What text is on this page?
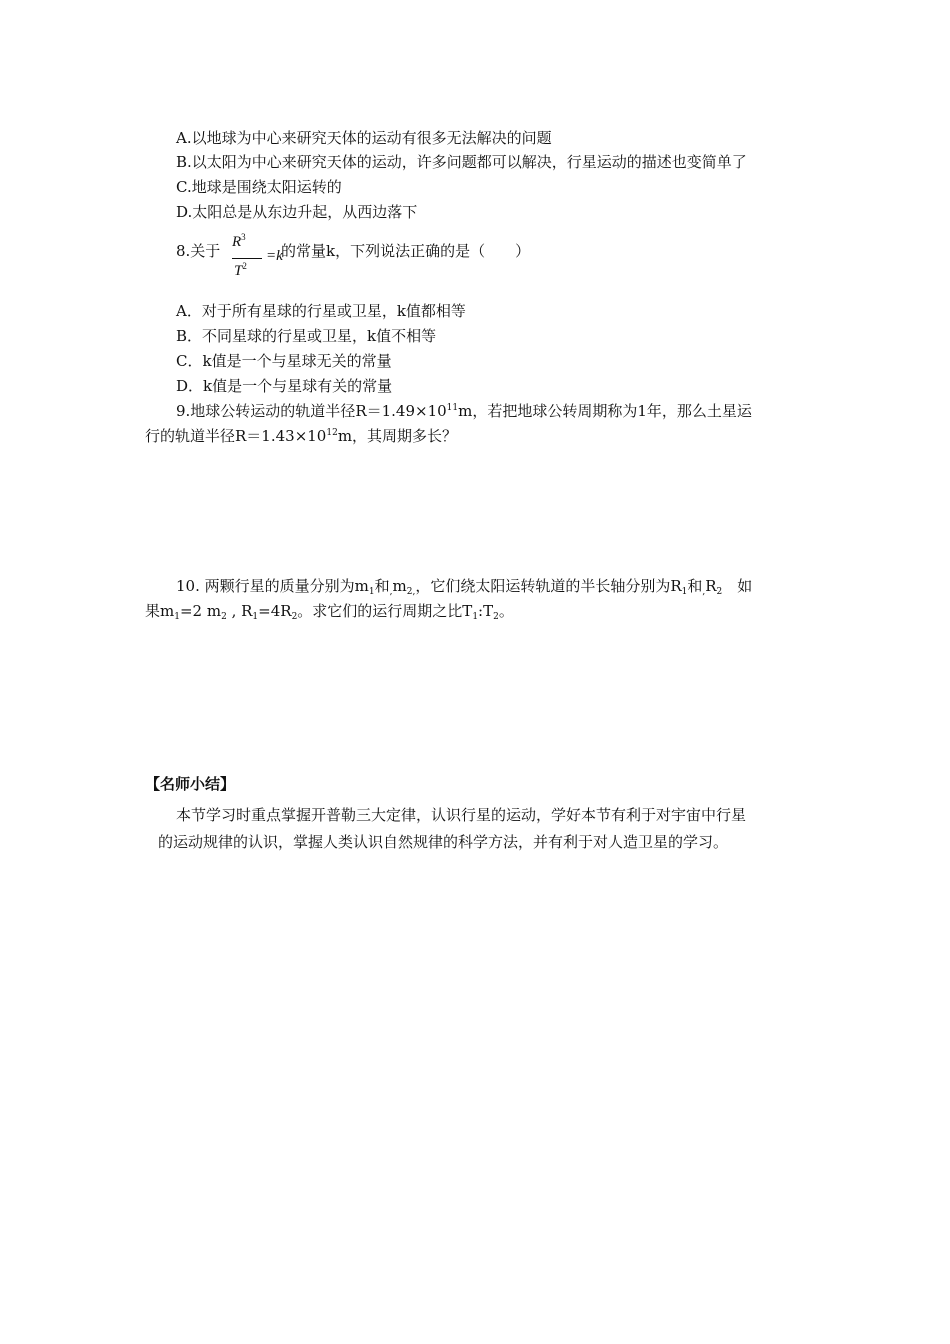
A.以地球为中心来研究天体的运动有很多无法解决的问题
B.以太阳为中心来研究天体的运动，许多问题都可以解决，行星运动的描述也变简单了
C.地球是围绕太阳运转的
D.太阳总是从东边升起，从西边落下
8.关于 $R^3$
$T^2$
=k
的常量k，下列说法正确的是（　　）
A．对于所有星球的行星或卫星，k值都相等
B．不同星球的行星或卫星，k值不相等
C．k值是一个与星球无关的常量
D．k值是一个与星球有关的常量
9.地球公转运动的轨道半径$R=1.49\times 10^{11}m$，若把地球公转周期称为1年，那么土星运
行的轨道半径$R=1.43\times 10^{12}m$，其周期多长？
10. 两颗行星的质量分别为$m_1$和$_,m_{2,}$，它们绕太阳运转轨道的半长轴分别为$R_1$和$_,R_2$　如
果$m_1=2$ $m_2$ , $R_1=4R_2$。求它们的运行周期之比$T_1:T_2$。
【名师小结】
本节学习时重点掌握开普勒三大定律，认识行星的运动，学好本节有利于对宇宙中行星
的运动规律的认识，掌握人类认识自然规律的科学方法，并有利于对人造卫星的学习。
